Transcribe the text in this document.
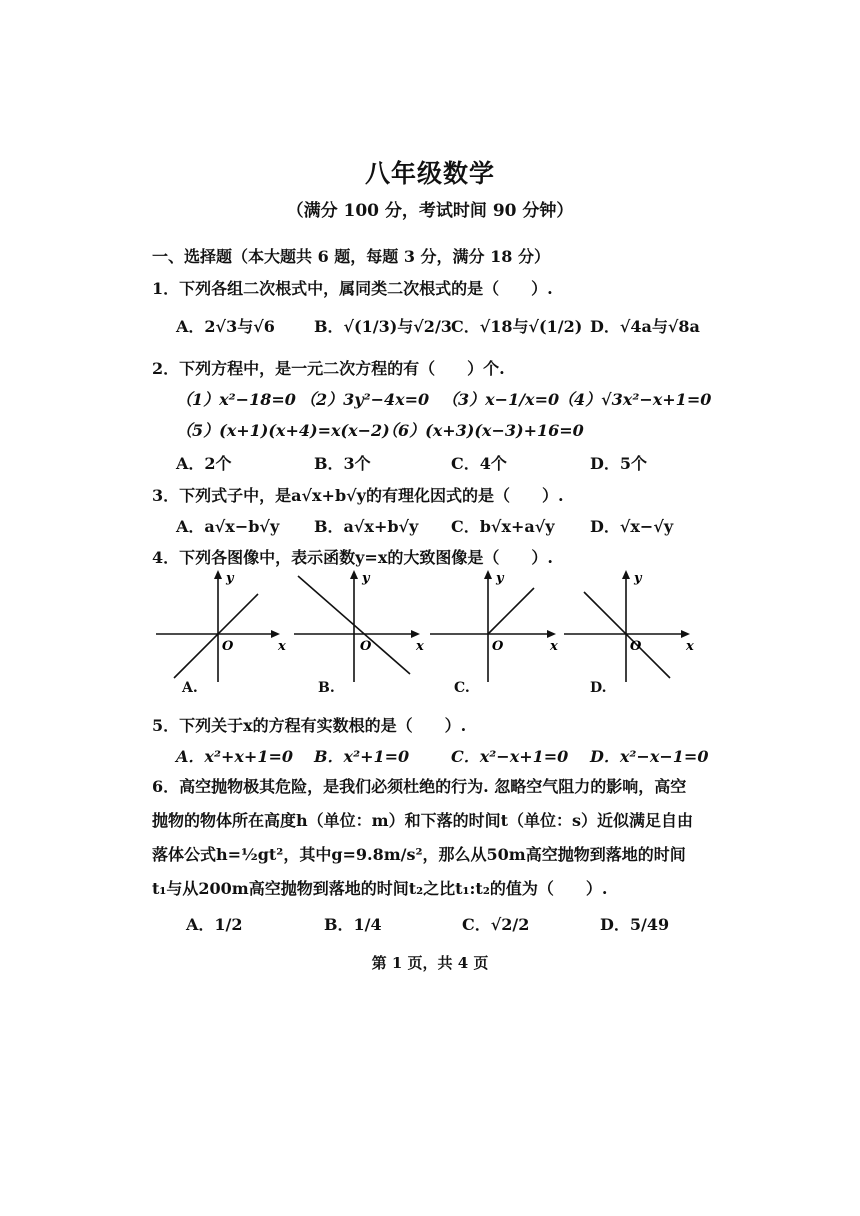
八年级数学
（满分 100 分，考试时间 90 分钟）
一、选择题（本大题共 6 题，每题 3 分，满分 18 分）
1．下列各组二次根式中，属同类二次根式的是（　　）.
A．2√3与√6 B．√(1/3)与√2/3 C．√18与√(1/2) D．√4a与√8a
2．下列方程中，是一元二次方程的有（　　）个.
（1）x²−18=0 （2）3y²−4x=0 （3）x−1/x=0
（4）√3x²−x+1=0
（5）(x+1)(x+4)=x(x−2)
（6）(x+3)(x−3)+16=0
A．2个	B．3个	C．4个	D．5个
3．下列式子中，是a√x+b√y的有理化因式的是（　　）.
A．a√x−b√y B．a√x+b√y C．b√x+a√y D．√x−√y
4．下列各图像中，表示函数y=x的大致图像是（　　）.
y
x
O
y
x
O
y
x
O
y
x
O
A.	B.	C.	D.
5．下列关于x的方程有实数根的是（　　）.
A．x²+x+1=0 B．x²+1=0	C．x²−x+1=0 D．x²−x−1=0
6．高空抛物极其危险，是我们必须杜绝的行为. 忽略空气阻力的影响，高空抛物的物体所在高度h（单位：m）和下落的时间t（单位：s）近似满足自由落体公式h=½gt²，其中g=9.8m/s²，那么从50m高空抛物到落地的时间t₁与从200m高空抛物到落地的时间t₂之比t₁:t₂的值为（　　）.
A．1/2	B．1/4	C．√2/2	D．5/49
第 1 页，共 4 页
